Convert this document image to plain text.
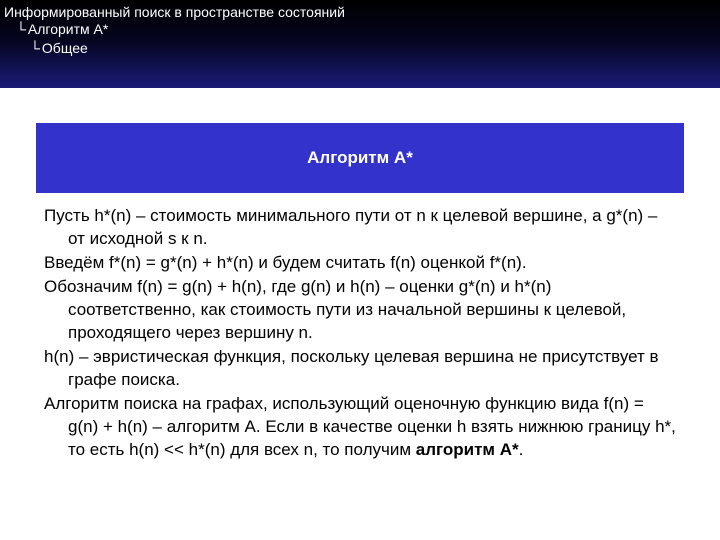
Информированный поиск в пространстве состояний
└ Алгоритм А*
└ Общее
Алгоритм А*

Пусть h*(n) – стоимость минимального пути от n к целевой вершине, а g*(n) – от исходной s к n.

Введём f*(n) = g*(n) + h*(n) и будем считать f(n) оценкой f*(n).

Обозначим f(n) = g(n) + h(n), где g(n) и h(n) – оценки g*(n) и h*(n) соответственно, как стоимость пути из начальной вершины к целевой, проходящего через вершину n.

h(n) – эвристическая функция, поскольку целевая вершина не присутствует в графе поиска.

Алгоритм поиска на графах, использующий оценочную функцию вида f(n) = g(n) + h(n) – алгоритм А. Если в качестве оценки h взять нижнюю границу h*, то есть h(n) << h*(n) для всех n, то получим алгоритм А*.
